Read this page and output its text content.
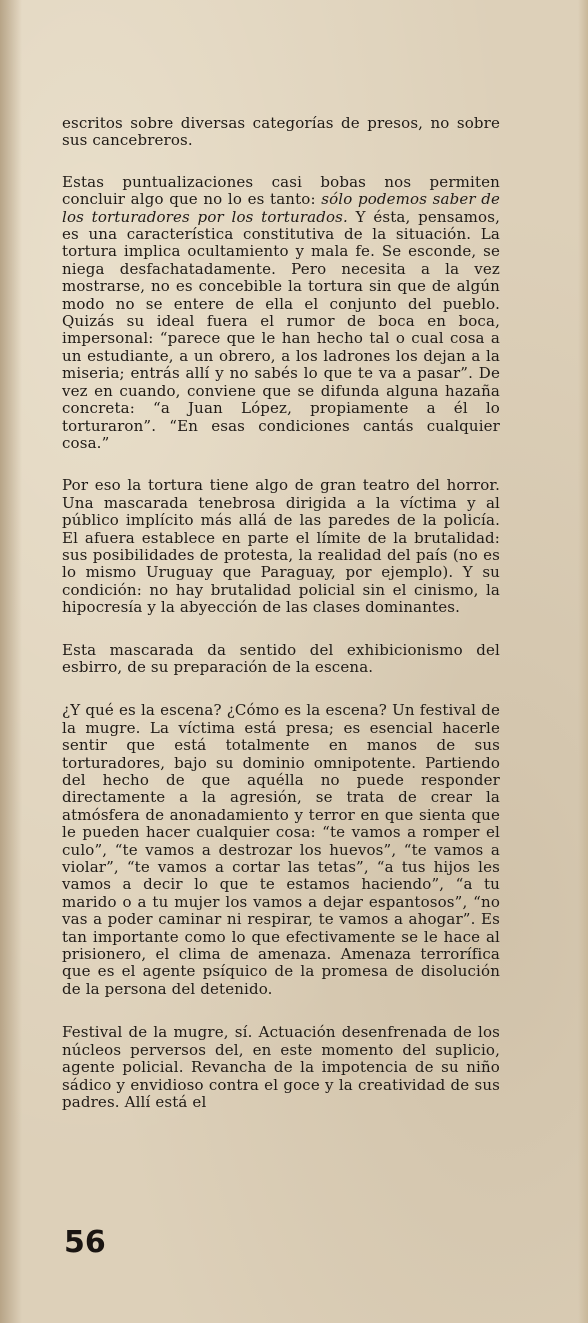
escritos sobre diversas categorías de presos, no sobre sus cancebreros.

Estas puntualizaciones casi bobas nos permiten concluir algo que no lo es tanto: sólo podemos saber de los torturadores por los torturados. Y ésta, pensamos, es una característica constitutiva de la situación. La tortura implica ocultamiento y mala fe. Se esconde, se niega desfachatadamente. Pero necesita a la vez mostrarse, no es concebible la tortura sin que de algún modo no se entere de ella el conjunto del pueblo. Quizás su ideal fuera el rumor de boca en boca, impersonal: “parece que le han hecho tal o cual cosa a un estudiante, a un obrero, a los ladrones los dejan a la miseria; entrás allí y no sabés lo que te va a pasar”. De vez en cuando, conviene que se difunda alguna hazaña concreta: “a Juan López, propiamente a él lo torturaron”. “En esas condiciones cantás cualquier cosa.”

Por eso la tortura tiene algo de gran teatro del horror. Una mascarada tenebrosa dirigida a la víctima y al público implícito más allá de las paredes de la policía. El afuera establece en parte el límite de la brutalidad: sus posibilidades de protesta, la realidad del país (no es lo mismo Uruguay que Paraguay, por ejemplo). Y su condición: no hay brutalidad policial sin el cinismo, la hipocresía y la abyección de las clases dominantes.

Esta mascarada da sentido del exhibicionismo del esbirro, de su preparación de la escena.

¿Y qué es la escena? ¿Cómo es la escena? Un festival de la mugre. La víctima está presa; es esencial hacerle sentir que está totalmente en manos de sus torturadores, bajo su dominio omnipotente. Partiendo del hecho de que aquélla no puede responder directamente a la agresión, se trata de crear la atmósfera de anonadamiento y terror en que sienta que le pueden hacer cualquier cosa: “te vamos a romper el culo”, “te vamos a destrozar los huevos”, “te vamos a violar”, “te vamos a cortar las tetas”, “a tus hijos les vamos a decir lo que te estamos haciendo”, “a tu marido o a tu mujer los vamos a dejar espantosos”, “no vas a poder caminar ni respirar, te vamos a ahogar”. Es tan importante como lo que efectivamente se le hace al prisionero, el clima de amenaza. Amenaza terrorífica que es el agente psíquico de la promesa de disolución de la persona del detenido.

Festival de la mugre, sí. Actuación desenfrenada de los núcleos perversos del, en este momento del suplicio, agente policial. Revancha de la impotencia de su niño sádico y envidioso contra el goce y la creatividad de sus padres. Allí está el

56
